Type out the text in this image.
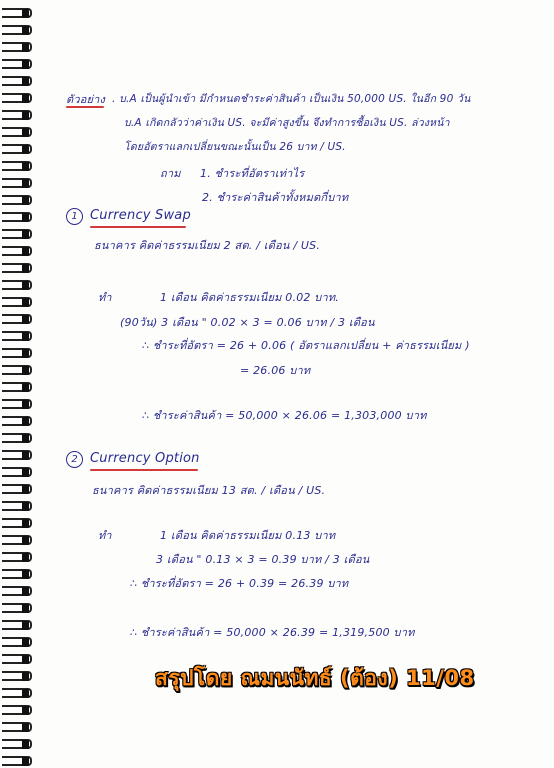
ตัวอย่าง . บ.A เป็นผู้นำเข้า มีกำหนดชำระค่าสินค้า เป็นเงิน 50,000 US. ในอีก 90 วัน
บ.A เกิดกลัวว่าค่าเงิน US. จะมีค่าสูงขึ้น จึงทำการซื้อเงิน US. ล่วงหน้า
โดยอัตราแลกเปลี่ยนขณะนั้นเป็น 26 บาท / US.
ถาม 1. ชำระที่อัตราเท่าไร
2. ชำระค่าสินค้าทั้งหมดกี่บาท
1 Currency Swap
ธนาคาร คิดค่าธรรมเนียม 2 สต. / เดือน / US.
ทำ	1 เดือน คิดค่าธรรมเนียม 0.02 บาท.
(90วัน) 3 เดือน " 0.02 × 3 = 0.06 บาท / 3 เดือน
∴ ชำระที่อัตรา = 26 + 0.06 ( อัตราแลกเปลี่ยน + ค่าธรรมเนียม )
= 26.06 บาท
∴ ชำระค่าสินค้า = 50,000 × 26.06 = 1,303,000 บาท
2 Currency Option
ธนาคาร คิดค่าธรรมเนียม 13 สต. / เดือน / US.
ทำ	1 เดือน คิดค่าธรรมเนียม 0.13 บาท
3 เดือน " 0.13 × 3 = 0.39 บาท / 3 เดือน
∴ ชำระที่อัตรา = 26 + 0.39 = 26.39 บาท
∴ ชำระค่าสินค้า = 50,000 × 26.39 = 1,319,500 บาท
สรุปโดย ณมนนัทธ์ (ต้อง) 11/08
